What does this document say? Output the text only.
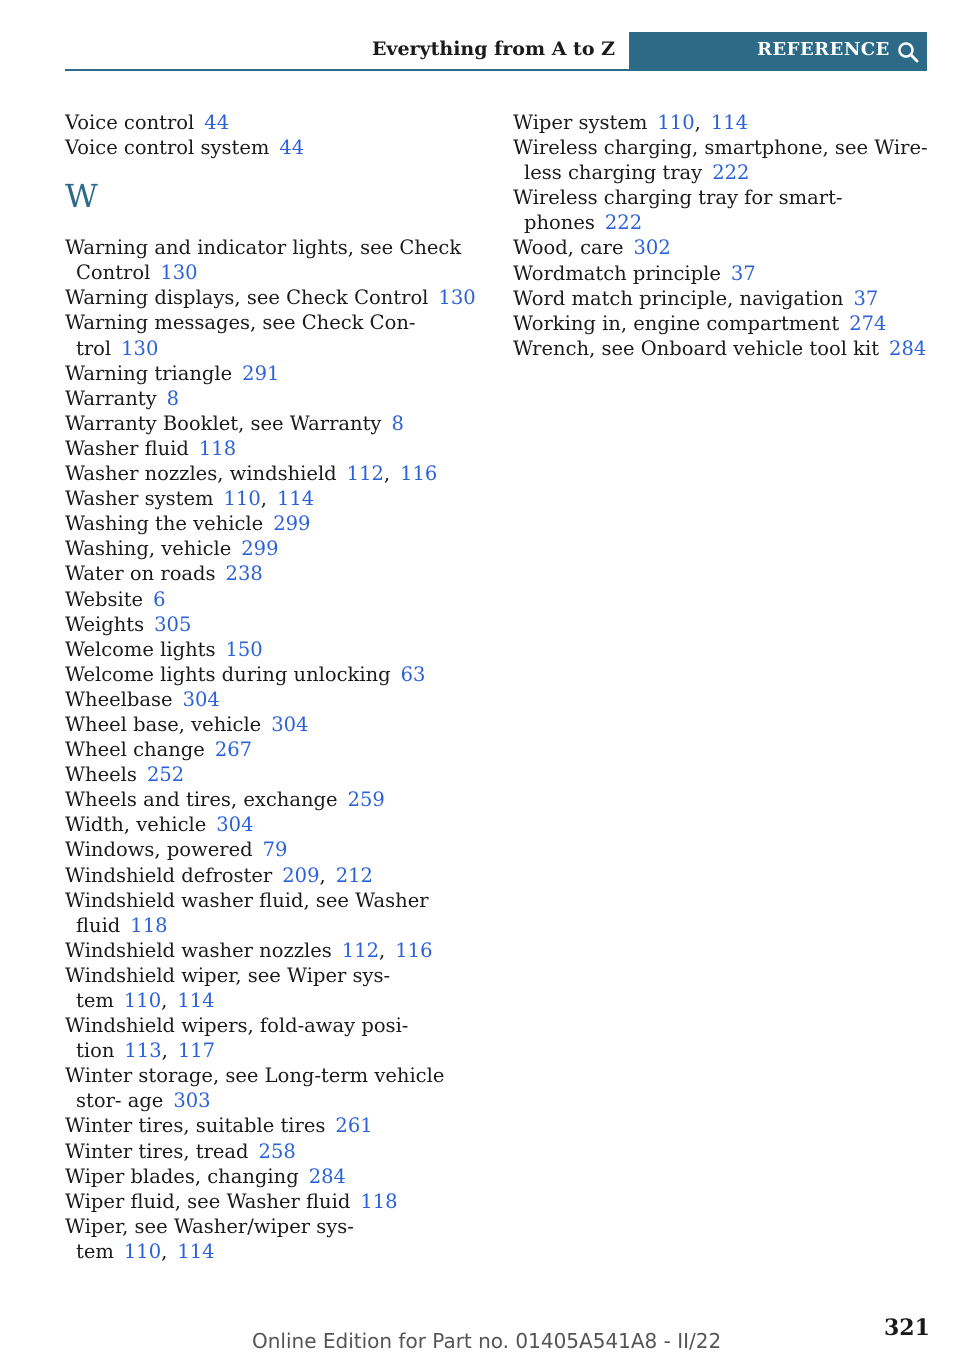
Everything from A to Z	REFERENCE
Voice control 44
Voice control system 44
W
Warning and indicator lights, see Check Control 130
Warning displays, see Check Control 130
Warning messages, see Check Con‐ trol 130
Warning triangle 291
Warranty 8
Warranty Booklet, see Warranty 8
Washer fluid 118
Washer nozzles, windshield 112, 116
Washer system 110, 114
Washing the vehicle 299
Washing, vehicle 299
Water on roads 238
Website 6
Weights 305
Welcome lights 150
Welcome lights during unlocking 63
Wheelbase 304
Wheel base, vehicle 304
Wheel change 267
Wheels 252
Wheels and tires, exchange 259
Width, vehicle 304
Windows, powered 79
Windshield defroster 209, 212
Windshield washer fluid, see Washer fluid 118
Windshield washer nozzles 112, 116
Windshield wiper, see Wiper sys‐ tem 110, 114
Windshield wipers, fold-away posi‐ tion 113, 117
Winter storage, see Long-term vehicle stor‐ age 303
Winter tires, suitable tires 261
Winter tires, tread 258
Wiper blades, changing 284
Wiper fluid, see Washer fluid 118
Wiper, see Washer/wiper sys‐ tem 110, 114
Wiper system 110, 114
Wireless charging, smartphone, see Wire‐ less charging tray 222
Wireless charging tray for smart‐ phones 222
Wood, care 302
Wordmatch principle 37
Word match principle, navigation 37
Working in, engine compartment 274
Wrench, see Onboard vehicle tool kit 284
321
Online Edition for Part no. 01405A541A8 - II/22
